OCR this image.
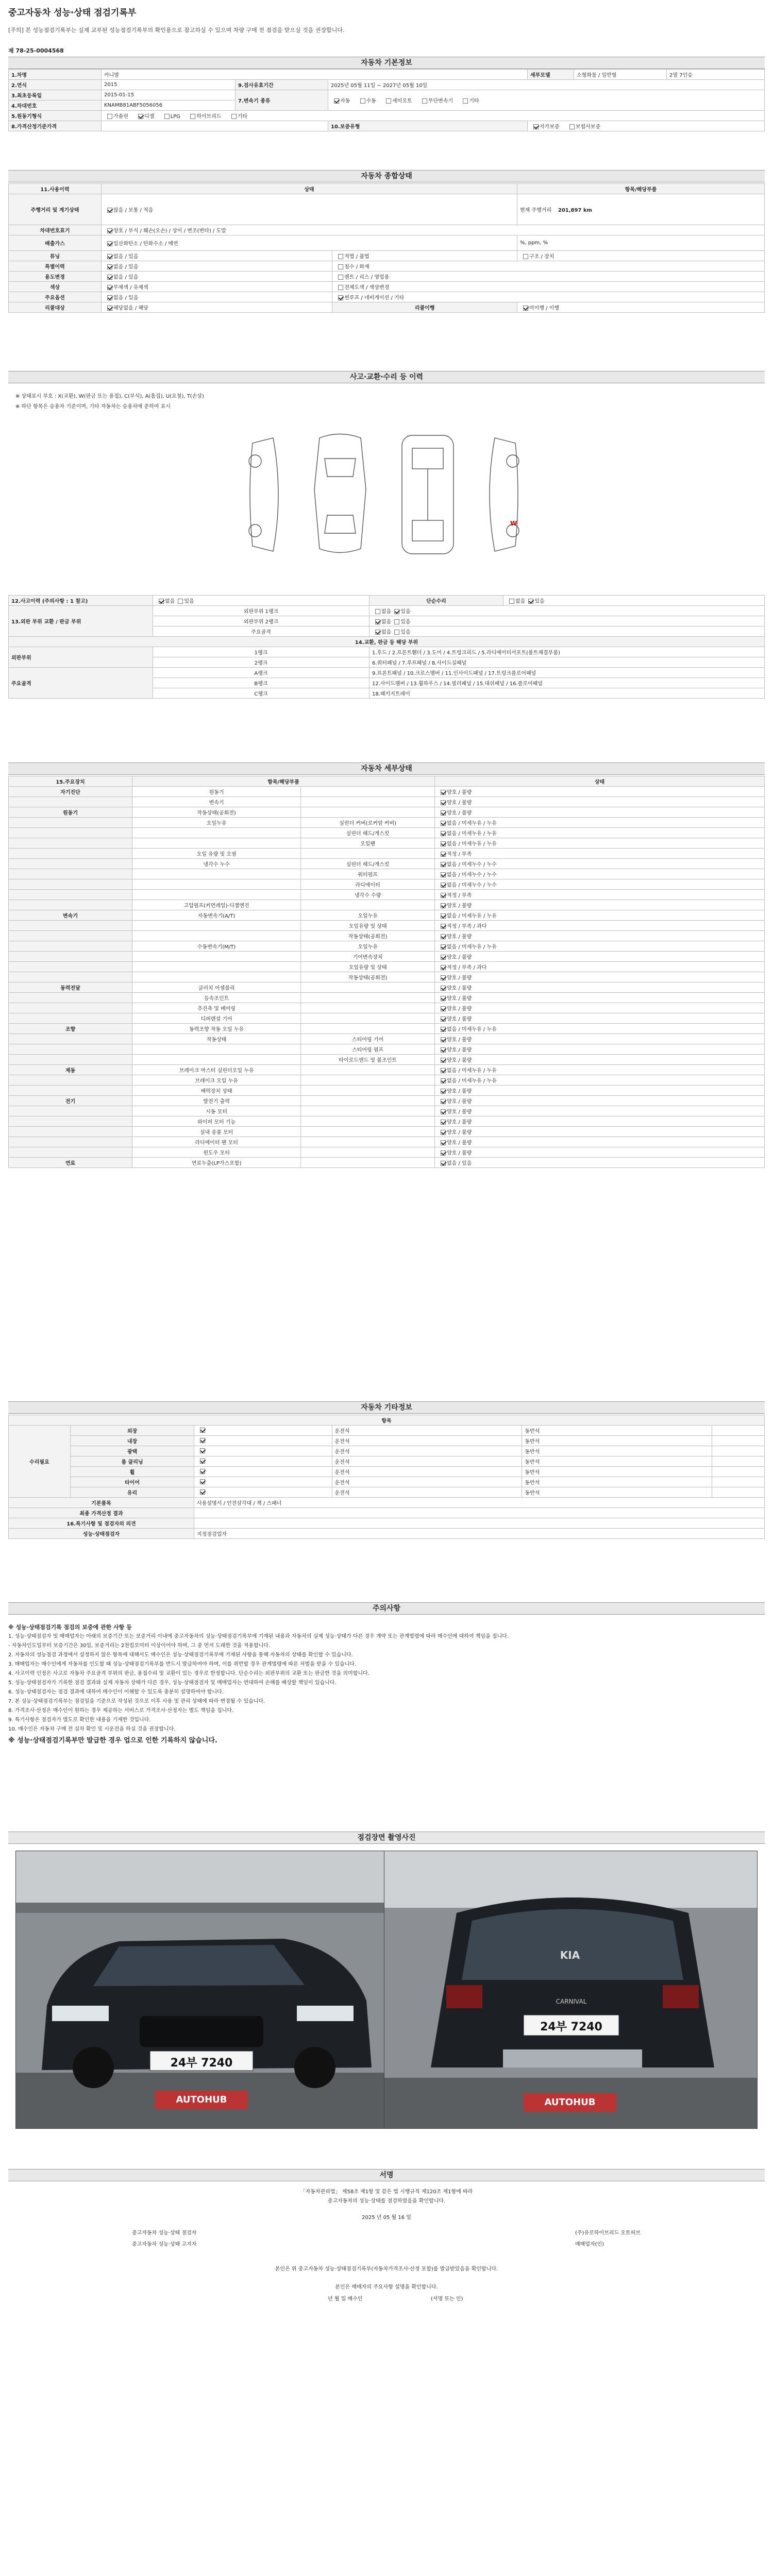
중고자동차 성능·상태 점검기록부
[주의] 본 성능점검기록부는 실제 교부된 성능점검기록부의 확인용으로 참고하실 수 있으며 차량 구매 전 점검을 받으실 것을 권장합니다.
제 78-25-0004568
자동차 기본정보
1.차명	카니발			세부모델	소형화물 / 일반형	2열 7인승
2.연식	2015	9.검사유효기간	2025년 05월 11일 ~ 2027년 05월 10일			
3.최초등록일	2015-01-15	7.변속기 종류	자동 수동 세미오토 무단변속기 기타			
4.차대번호	KNAMB81ABF5056056					
5.원동기형식	가솔린 디젤 LPG 하이브리드 기타					
8.가격산정기준가격			10.보증유형	자가보증 보험사보증		
자동차 종합상태
11.사용이력	상태		항목/해당부품
주행거리 및 계기상태	많음 / 보통 / 적음		현재 주행거리 201,897 km
차대번호표기	양호 / 부식 / 훼손(오손) / 상이 / 변조(변타) / 도말		
배출가스	일산화탄소 / 탄화수소 / 매연		%, ppm, %
튜닝	없음 / 있음	적법 / 불법	구조 / 장치
특별이력	없음 / 있음	침수 / 화재	
용도변경	없음 / 있음	렌트 / 리스 / 영업용	
색상	무채색 / 유채색	전체도색 / 색상변경	
주요옵션	없음 / 있음	썬루프 / 네비게이션 / 기타	
리콜대상	해당없음 / 해당	리콜이행	미이행 / 이행
사고·교환·수리 등 이력
※ 상태표시 부호 : X(교환), W(판금 또는 용접), C(부식), A(흠집), U(요철), T(손상)
※ 하단 항목은 승용차 기준이며, 기타 자동차는 승용차에 준하여 표시
W
12.사고이력 (주의사항 : 1 참고)	없음 있음	단순수리	없음 있음
13.외판 부위 교환 / 판금 부위	외판부위 1랭크	없음 있음	
	외판부위 2랭크	없음 있음	
	주요골격	없음 있음	
14.교환, 판금 등 해당 부위			
외판부위	1랭크	1.후드 / 2.프론트휀더 / 3.도어 / 4.트렁크리드 / 5.라디에이터서포트(볼트체결부품)	
	2랭크	6.쿼터패널 / 7.루프패널 / 8.사이드실패널	
주요골격	A랭크	9.프론트패널 / 10.크로스멤버 / 11.인사이드패널 / 17.트렁크플로어패널	
	B랭크	12.사이드멤버 / 13.휠하우스 / 14.필러패널 / 15.대쉬패널 / 16.플로어패널	
	C랭크	18.패키지트레이	
자동차 세부상태
15.주요장치	항목/해당부품		상태
자기진단	원동기		양호 / 불량
	변속기		양호 / 불량
원동기	작동상태(공회전)		양호 / 불량
	오일누유	실린더 커버(로커암 커버)	없음 / 미세누유 / 누유
		실린더 헤드/개스킷	없음 / 미세누유 / 누유
		오일팬	없음 / 미세누유 / 누유
	오일 유량 및 오염		적정 / 부족
	냉각수 누수	실린더 헤드/개스킷	없음 / 미세누수 / 누수
		워터펌프	없음 / 미세누수 / 누수
		라디에이터	없음 / 미세누수 / 누수
		냉각수 수량	적정 / 부족
	고압펌프(커먼레일)-디젤엔진		양호 / 불량
변속기	자동변속기(A/T)	오일누유	없음 / 미세누유 / 누유
		오일유량 및 상태	적정 / 부족 / 과다
		작동상태(공회전)	양호 / 불량
	수동변속기(M/T)	오일누유	없음 / 미세누유 / 누유
		기어변속장치	양호 / 불량
		오일유량 및 상태	적정 / 부족 / 과다
		작동상태(공회전)	양호 / 불량
동력전달	클러치 어셈블리		양호 / 불량
	등속조인트		양호 / 불량
	추진축 및 베어링		양호 / 불량
	디퍼렌셜 기어		양호 / 불량
조향	동력조향 작동 오일 누유		없음 / 미세누유 / 누유
	작동상태	스티어링 기어	양호 / 불량
		스티어링 펌프	양호 / 불량
		타이로드엔드 및 볼조인트	양호 / 불량
제동	브레이크 마스터 실린더오일 누유		없음 / 미세누유 / 누유
	브레이크 오일 누유		없음 / 미세누유 / 누유
	배력장치 상태		양호 / 불량
전기	발전기 출력		양호 / 불량
	시동 모터		양호 / 불량
	와이퍼 모터 기능		양호 / 불량
	실내 송풍 모터		양호 / 불량
	라디에이터 팬 모터		양호 / 불량
	윈도우 모터		양호 / 불량
연료	연료누출(LP가스포함)		없음 / 있음
자동차 기타정보
항목					
수리필요	외장		운전석	동반석	
	내장		운전석	동반석	
	광택		운전석	동반석	
	룸 클리닝		운전석	동반석	
	휠		운전석	동반석	
	타이어		운전석	동반석	
	유리		운전석	동반석	
기본품목		사용설명서 / 안전삼각대 / 잭 / 스패너			
최종 가격산정 결과					
16.특기사항 및 점검자의 의견					
성능·상태점검자		지정점검업자			
주의사항
※ 성능·상태점검기록 점검의 보증에 관한 사항 등
1. 성능·상태점검자 및 매매업자는 아래의 보증기간 또는 보증거리 이내에 중고자동차의 성능·상태점검기록부에 기재된 내용과 자동차의 실제 성능·상태가 다른 경우 계약 또는 관계법령에 따라 매수인에 대하여 책임을 집니다.
- 자동차인도일부터 보증기간은 30일, 보증거리는 2천킬로미터 이상이어야 하며, 그 중 먼저 도래한 것을 적용합니다.
2. 자동차의 성능점검 과정에서 설정하지 않은 항목에 대해서도 매수인은 성능·상태점검기록부에 기재된 사항을 통해 자동차의 상태를 확인할 수 있습니다.
3. 매매업자는 매수인에게 자동차를 인도할 때 성능·상태점검기록부를 반드시 발급하여야 하며, 이를 위반할 경우 관계법령에 따른 처벌을 받을 수 있습니다.
4. 사고이력 인정은 사고로 자동차 주요골격 부위의 판금, 용접수리 및 교환이 있는 경우로 한정합니다. 단순수리는 외판부위의 교환 또는 판금한 것을 의미합니다.
5. 성능·상태점검자가 기록한 점검 결과와 실제 자동차 상태가 다른 경우, 성능·상태점검자 및 매매업자는 연대하여 손해를 배상할 책임이 있습니다.
6. 성능·상태점검자는 점검 결과에 대하여 매수인이 이해할 수 있도록 충분히 설명하여야 합니다.
7. 본 성능·상태점검기록부는 점검일을 기준으로 작성된 것으로 이후 사용 및 관리 상태에 따라 변경될 수 있습니다.
8. 가격조사·산정은 매수인이 원하는 경우 제공하는 서비스로 가격조사·산정자는 별도 책임을 집니다.
9. 특기사항은 점검자가 별도로 확인한 내용을 기재한 것입니다.
10. 매수인은 자동차 구매 전 실차 확인 및 시운전을 하실 것을 권장합니다.
※ 성능·상태점검기록부만 발급한 경우 업으로 인한 기록하지 않습니다.
점검장면 촬영사진
24부 7240
AUTOHUB
KIA
CARNIVAL
24부 7240
AUTOHUB
서명
「자동차관리법」 제58조 제1항 및 같은 법 시행규칙 제120조 제1항에 따라
중고자동차의 성능·상태를 점검하였음을 확인합니다.
2025 년 05 월 16 일
중고자동차 성능·상태 점검자	(주)유로하이브리드 오토허브
중고자동차 성능·상태 고지자	매매업자(인)
본인은 위 중고자동차 성능·상태점검기록부(자동차가격조사·산정 포함)를 발급받았음을 확인합니다.
본인은 매매자의 주요사항 설명을 확인합니다.
년 월 일 매수인	(서명 또는 인)
